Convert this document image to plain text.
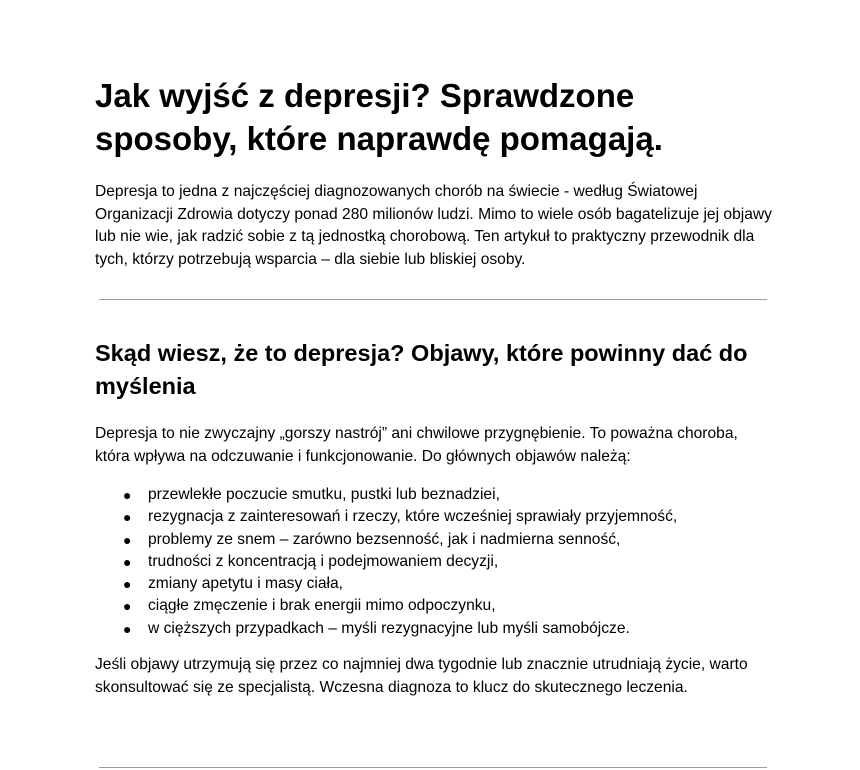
Jak wyjść z depresji? Sprawdzone sposoby, które naprawdę pomagają.

Depresja to jedna z najczęściej diagnozowanych chorób na świecie - według Światowej Organizacji Zdrowia dotyczy ponad 280 milionów ludzi. Mimo to wiele osób bagatelizuje jej objawy lub nie wie, jak radzić sobie z tą jednostką chorobową. Ten artykuł to praktyczny przewodnik dla tych, którzy potrzebują wsparcia – dla siebie lub bliskiej osoby.

Skąd wiesz, że to depresja? Objawy, które powinny dać do myślenia

Depresja to nie zwyczajny „gorszy nastrój” ani chwilowe przygnębienie. To poważna choroba, która wpływa na odczuwanie i funkcjonowanie. Do głównych objawów należą:

● przewlekłe poczucie smutku, pustki lub beznadziei,
● rezygnacja z zainteresowań i rzeczy, które wcześniej sprawiały przyjemność,
● problemy ze snem – zarówno bezsenność, jak i nadmierna senność,
● trudności z koncentracją i podejmowaniem decyzji,
● zmiany apetytu i masy ciała,
● ciągłe zmęczenie i brak energii mimo odpoczynku,
● w cięższych przypadkach – myśli rezygnacyjne lub myśli samobójcze.

Jeśli objawy utrzymują się przez co najmniej dwa tygodnie lub znacznie utrudniają życie, warto skonsultować się ze specjalistą. Wczesna diagnoza to klucz do skutecznego leczenia.
